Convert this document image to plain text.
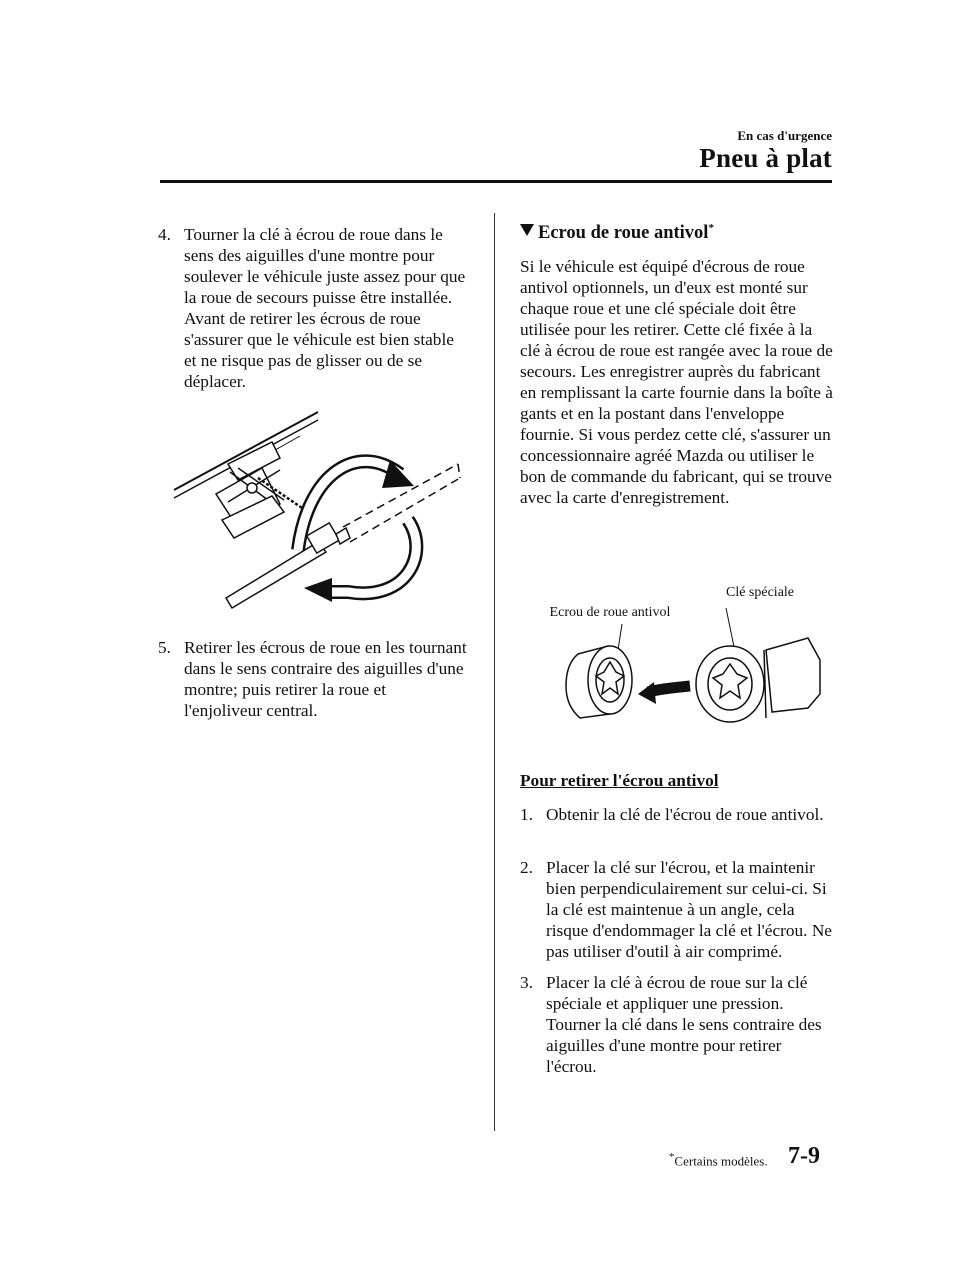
En cas d'urgence
Pneu à plat
4. Tourner la clé à écrou de roue dans le sens des aiguilles d'une montre pour soulever le véhicule juste assez pour que la roue de secours puisse être installée. Avant de retirer les écrous de roue s'assurer que le véhicule est bien stable et ne risque pas de glisser ou de se déplacer.
5. Retirer les écrous de roue en les tournant dans le sens contraire des aiguilles d'une montre; puis retirer la roue et l'enjoliveur central.
Ecrou de roue antivol*
Si le véhicule est équipé d'écrous de roue antivol optionnels, un d'eux est monté sur chaque roue et une clé spéciale doit être utilisée pour les retirer. Cette clé fixée à la clé à écrou de roue est rangée avec la roue de secours. Les enregistrer auprès du fabricant en remplissant la carte fournie dans la boîte à gants et en la postant dans l'enveloppe fournie. Si vous perdez cette clé, s'assurer un concessionnaire agréé Mazda ou utiliser le bon de commande du fabricant, qui se trouve avec la carte d'enregistrement.
Clé spéciale
Ecrou de roue antivol
Pour retirer l'écrou antivol
1. Obtenir la clé de l'écrou de roue antivol.
2. Placer la clé sur l'écrou, et la maintenir bien perpendiculairement sur celui-ci. Si la clé est maintenue à un angle, cela risque d'endommager la clé et l'écrou. Ne pas utiliser d'outil à air comprimé.
3. Placer la clé à écrou de roue sur la clé spéciale et appliquer une pression. Tourner la clé dans le sens contraire des aiguilles d'une montre pour retirer l'écrou.
*Certains modèles. 7-9
